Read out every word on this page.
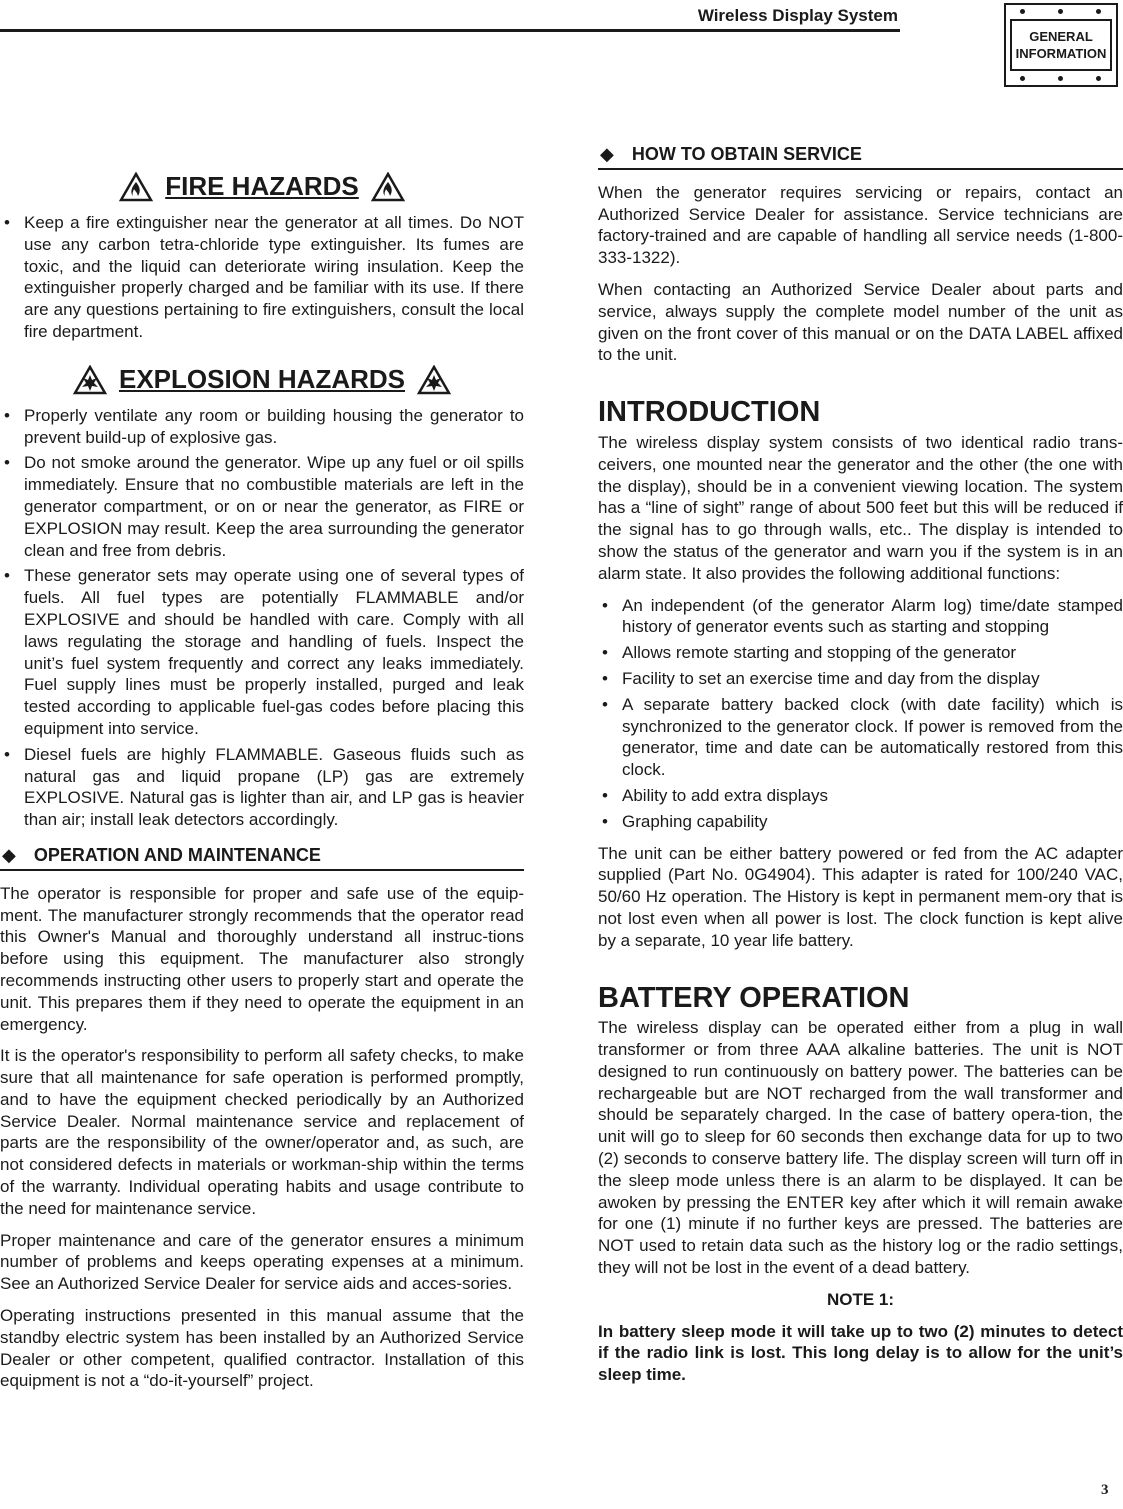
Wireless Display System
GENERAL
INFORMATION
FIRE HAZARDS
• Keep a fire extinguisher near the generator at all times. Do NOT use any carbon tetra-chloride type extinguisher. Its fumes are toxic, and the liquid can deteriorate wiring insulation. Keep the extinguisher properly charged and be familiar with its use. If there are any questions pertaining to fire extinguishers, consult the local fire department.
EXPLOSION HAZARDS
• Properly ventilate any room or building housing the generator to prevent build-up of explosive gas.
• Do not smoke around the generator. Wipe up any fuel or oil spills immediately. Ensure that no combustible materials are left in the generator compartment, or on or near the generator, as FIRE or EXPLOSION may result. Keep the area surrounding the generator clean and free from debris.
• These generator sets may operate using one of several types of fuels. All fuel types are potentially FLAMMABLE and/or EXPLOSIVE and should be handled with care. Comply with all laws regulating the storage and handling of fuels. Inspect the unit’s fuel system frequently and correct any leaks immediately. Fuel supply lines must be properly installed, purged and leak tested according to applicable fuel-gas codes before placing this equipment into service.
• Diesel fuels are highly FLAMMABLE. Gaseous fluids such as natural gas and liquid propane (LP) gas are extremely EXPLOSIVE. Natural gas is lighter than air, and LP gas is heavier than air; install leak detectors accordingly.
◆ OPERATION AND MAINTENANCE

The operator is responsible for proper and safe use of the equip-ment. The manufacturer strongly recommends that the operator read this Owner's Manual and thoroughly understand all instruc-tions before using this equipment. The manufacturer also strongly recommends instructing other users to properly start and operate the unit. This prepares them if they need to operate the equipment in an emergency.

It is the operator's responsibility to perform all safety checks, to make sure that all maintenance for safe operation is performed promptly, and to have the equipment checked periodically by an Authorized Service Dealer. Normal maintenance service and replacement of parts are the responsibility of the owner/operator and, as such, are not considered defects in materials or workman-ship within the terms of the warranty. Individual operating habits and usage contribute to the need for maintenance service.

Proper maintenance and care of the generator ensures a minimum number of problems and keeps operating expenses at a minimum. See an Authorized Service Dealer for service aids and acces-sories.

Operating instructions presented in this manual assume that the standby electric system has been installed by an Authorized Service Dealer or other competent, qualified contractor. Installation of this equipment is not a “do-it-yourself” project.

◆ HOW TO OBTAIN SERVICE

When the generator requires servicing or repairs, contact an Authorized Service Dealer for assistance. Service technicians are factory-trained and are capable of handling all service needs (1-800-333-1322).

When contacting an Authorized Service Dealer about parts and service, always supply the complete model number of the unit as given on the front cover of this manual or on the DATA LABEL affixed to the unit.

INTRODUCTION

The wireless display system consists of two identical radio trans-ceivers, one mounted near the generator and the other (the one with the display), should be in a convenient viewing location. The system has a “line of sight” range of about 500 feet but this will be reduced if the signal has to go through walls, etc.. The display is intended to show the status of the generator and warn you if the system is in an alarm state. It also provides the following additional functions:

• An independent (of the generator Alarm log) time/date stamped history of generator events such as starting and stopping
• Allows remote starting and stopping of the generator
• Facility to set an exercise time and day from the display
• A separate battery backed clock (with date facility) which is synchronized to the generator clock. If power is removed from the generator, time and date can be automatically restored from this clock.
• Ability to add extra displays
• Graphing capability

The unit can be either battery powered or fed from the AC adapter supplied (Part No. 0G4904). This adapter is rated for 100/240 VAC, 50/60 Hz operation. The History is kept in permanent mem-ory that is not lost even when all power is lost. The clock function is kept alive by a separate, 10 year life battery.

BATTERY OPERATION

The wireless display can be operated either from a plug in wall transformer or from three AAA alkaline batteries. The unit is NOT designed to run continuously on battery power. The batteries can be rechargeable but are NOT recharged from the wall transformer and should be separately charged. In the case of battery opera-tion, the unit will go to sleep for 60 seconds then exchange data for up to two (2) seconds to conserve battery life. The display screen will turn off in the sleep mode unless there is an alarm to be displayed. It can be awoken by pressing the ENTER key after which it will remain awake for one (1) minute if no further keys are pressed. The batteries are NOT used to retain data such as the history log or the radio settings, they will not be lost in the event of a dead battery.

NOTE 1:
In battery sleep mode it will take up to two (2) minutes to detect if the radio link is lost. This long delay is to allow for the unit’s sleep time.
3
